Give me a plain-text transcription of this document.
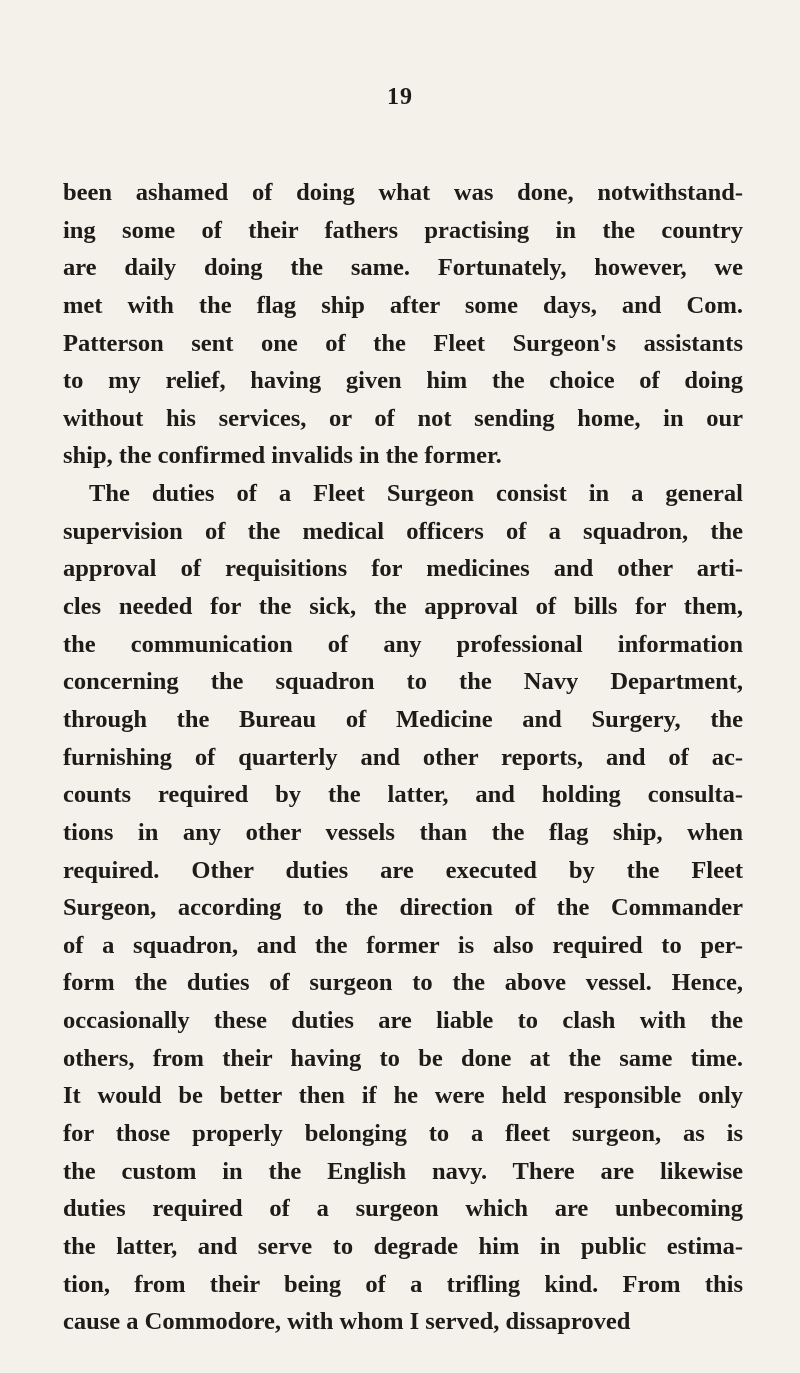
19
been ashamed of doing what was done, notwithstand-
ing some of their fathers practising in the country
are daily doing the same. Fortunately, however, we
met with the flag ship after some days, and Com.
Patterson sent one of the Fleet Surgeon's assistants
to my relief, having given him the choice of doing
without his services, or of not sending home, in our
ship, the confirmed invalids in the former.
The duties of a Fleet Surgeon consist in a general
supervision of the medical officers of a squadron, the
approval of requisitions for medicines and other arti-
cles needed for the sick, the approval of bills for them,
the communication of any professional information
concerning the squadron to the Navy Department,
through the Bureau of Medicine and Surgery, the
furnishing of quarterly and other reports, and of ac-
counts required by the latter, and holding consulta-
tions in any other vessels than the flag ship, when
required. Other duties are executed by the Fleet
Surgeon, according to the direction of the Commander
of a squadron, and the former is also required to per-
form the duties of surgeon to the above vessel. Hence,
occasionally these duties are liable to clash with the
others, from their having to be done at the same time.
It would be better then if he were held responsible only
for those properly belonging to a fleet surgeon, as is
the custom in the English navy. There are likewise
duties required of a surgeon which are unbecoming
the latter, and serve to degrade him in public estima-
tion, from their being of a trifling kind. From this
cause a Commodore, with whom I served, dissaproved
